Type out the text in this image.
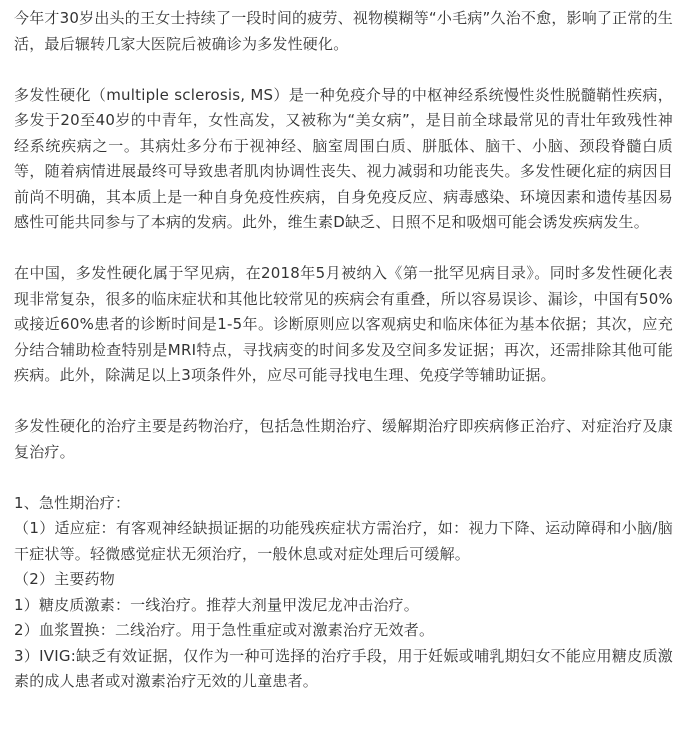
今年才30岁出头的王女士持续了一段时间的疲劳、视物模糊等“小毛病”久治不愈，影响了正常的生活，最后辗转几家大医院后被确诊为多发性硬化。

多发性硬化（multiple sclerosis, MS）是一种免疫介导的中枢神经系统慢性炎性脱髓鞘性疾病，多发于20至40岁的中青年，女性高发，又被称为“美女病”，是目前全球最常见的青壮年致残性神经系统疾病之一。其病灶多分布于视神经、脑室周围白质、胼胝体、脑干、小脑、颈段脊髓白质等，随着病情进展最终可导致患者肌肉协调性丧失、视力减弱和功能丧失。多发性硬化症的病因目前尚不明确，其本质上是一种自身免疫性疾病，自身免疫反应、病毒感染、环境因素和遗传基因易感性可能共同参与了本病的发病。此外，维生素D缺乏、日照不足和吸烟可能会诱发疾病发生。

在中国，多发性硬化属于罕见病，在2018年5月被纳入《第一批罕见病目录》。同时多发性硬化表现非常复杂，很多的临床症状和其他比较常见的疾病会有重叠，所以容易误诊、漏诊，中国有50%或接近60%患者的诊断时间是1-5年。诊断原则应以客观病史和临床体征为基本依据；其次，应充分结合辅助检查特别是MRI特点，寻找病变的时间多发及空间多发证据；再次，还需排除其他可能疾病。此外，除满足以上3项条件外，应尽可能寻找电生理、免疫学等辅助证据。

多发性硬化的治疗主要是药物治疗，包括急性期治疗、缓解期治疗即疾病修正治疗、对症治疗及康复治疗。

1、急性期治疗：

（1）适应症：有客观神经缺损证据的功能残疾症状方需治疗，如：视力下降、运动障碍和小脑/脑干症状等。轻微感觉症状无须治疗，一般休息或对症处理后可缓解。

（2）主要药物

1）糖皮质激素：一线治疗。推荐大剂量甲泼尼龙冲击治疗。

2）血浆置换：二线治疗。用于急性重症或对激素治疗无效者。

3）IVIG:缺乏有效证据，仅作为一种可选择的治疗手段，用于妊娠或哺乳期妇女不能应用糖皮质激素的成人患者或对激素治疗无效的儿童患者。
